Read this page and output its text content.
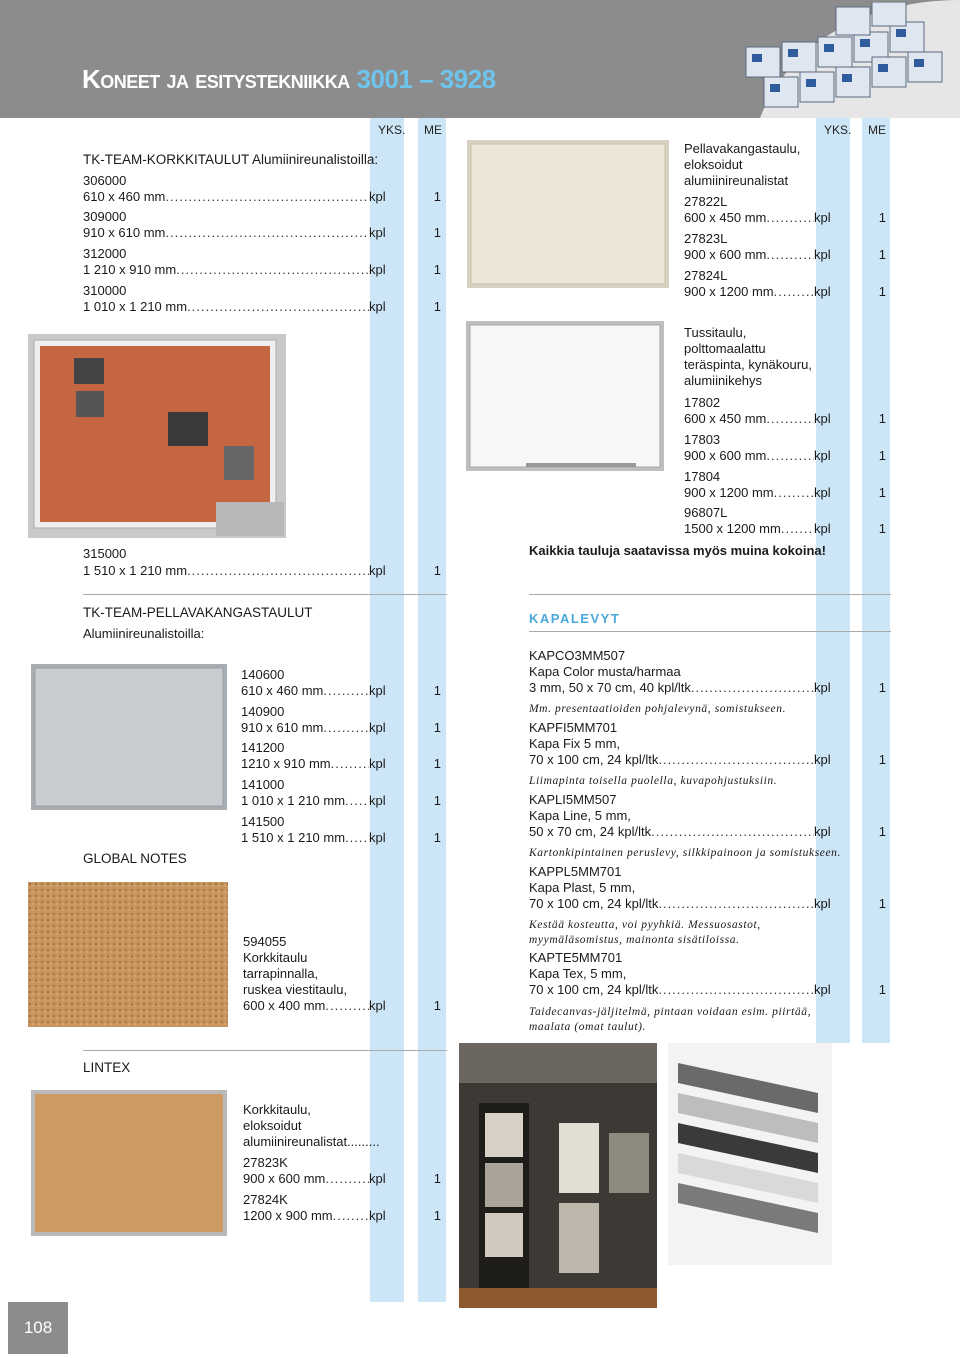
Koneet ja esitystekniikka 3001 – 3928
YKS. ME	YKS. ME
TK-TEAM-KORKKITAULUT Alumiinireunalistoilla:
306000
610 x 460 mm .....	kpl	1
309000
910 x 610 mm .....	kpl	1
312000
1 210 x 910 mm .....	kpl	1
310000
1 010 x 1 210 mm .....	kpl	1
315000
1 510 x 1 210 mm .....	kpl	1
Pellavakangastaulu,
eloksoidut
alumiinireunalistat
27822L
600 x 450 mm .....	kpl	1
27823L
900 x 600 mm .....	kpl	1
27824L
900 x 1200 mm .....	kpl	1
Tussitaulu,
polttomaalattu
teräspinta, kynäkouru,
alumiinikehys
17802
600 x 450 mm .....	kpl	1
17803
900 x 600 mm .....	kpl	1
17804
900 x 1200 mm .....	kpl	1
96807L
1500 x 1200 mm .....	kpl	1
Kaikkia tauluja saatavissa myös muina kokoina!
TK-TEAM-PELLAVAKANGASTAULUT
Alumiinireunalistoilla:
140600
610 x 460 mm .....	kpl	1
140900
910 x 610 mm .....	kpl	1
141200
1210 x 910 mm .....	kpl	1
141000
1 010 x 1 210 mm ..... kpl	1
141500
1 510 x 1 210 mm ..... kpl	1
GLOBAL NOTES
594055
Korkkitaulu
tarrapinnalla,
ruskea viestitaulu,
600 x 400 mm .....	kpl	1
LINTEX
Korkkitaulu,
eloksoidut
alumiinireunalistat.........
27823K
900 x 600 mm .....	kpl	1
27824K
1200 x 900 mm .....	kpl	1
KAPALEVYT
KAPCO3MM507
Kapa Color musta/harmaa
3 mm, 50 x 70 cm, 40 kpl/ltk .....	kpl	1
Mm. presentaatioiden pohjalevynä, somistukseen.
KAPFI5MM701
Kapa Fix 5 mm,
70 x 100 cm, 24 kpl/ltk .....	kpl	1
Liimapinta toisella puolella, kuvapohjustuksiin.
KAPLI5MM507
Kapa Line, 5 mm,
50 x 70 cm, 24 kpl/ltk .....	kpl	1
Kartonkipintainen peruslevy, silkkipainoon ja somistukseen.
KAPPL5MM701
Kapa Plast, 5 mm,
70 x 100 cm, 24 kpl/ltk .....	kpl	1
Kestää kosteutta, voi pyyhkiä. Messuosastot,
myymäläsomistus, mainonta sisätiloissa.
KAPTE5MM701
Kapa Tex, 5 mm,
70 x 100 cm, 24 kpl/ltk .....	kpl	1
Taidecanvas-jäljitelmä, pintaan voidaan esim. piirtää,
maalata (omat taulut).
108
